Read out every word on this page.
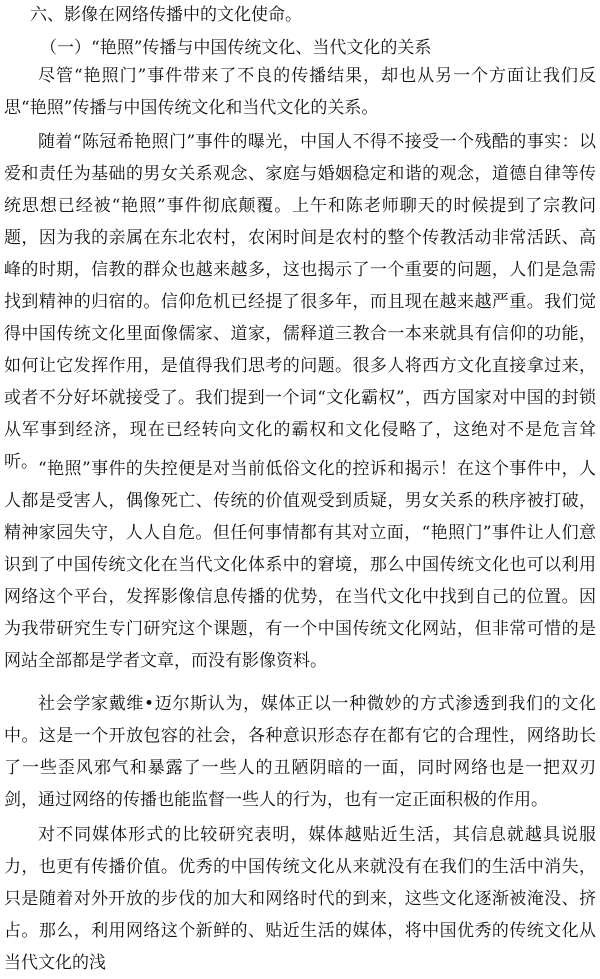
六、影像在网络传播中的文化使命。
（一）“艳照”传播与中国传统文化、当代文化的关系

尽管“艳照门”事件带来了不良的传播结果，却也从另一个方面让我们反思“艳照”传播与中国传统文化和当代文化的关系。

随着“陈冠希艳照门”事件的曝光，中国人不得不接受一个残酷的事实：以爱和责任为基础的男女关系观念、家庭与婚姻稳定和谐的观念，道德自律等传统思想已经被“艳照”事件彻底颠覆。上午和陈老师聊天的时候提到了宗教问题，因为我的亲属在东北农村，农闲时间是农村的整个传教活动非常活跃、高峰的时期，信教的群众也越来越多，这也揭示了一个重要的问题，人们是急需找到精神的归宿的。信仰危机已经提了很多年，而且现在越来越严重。我们觉得中国传统文化里面像儒家、道家，儒释道三教合一本来就具有信仰的功能，如何让它发挥作用，是值得我们思考的问题。很多人将西方文化直接拿过来，或者不分好坏就接受了。我们提到一个词“文化霸权”，西方国家对中国的封锁从军事到经济，现在已经转向文化的霸权和文化侵略了，这绝对不是危言耸听。 “艳照”事件的失控便是对当前低俗文化的控诉和揭示！在这个事件中，人人都是受害人，偶像死亡、传统的价值观受到质疑，男女关系的秩序被打破，精神家园失守，人人自危。但任何事情都有其对立面，“艳照门”事件让人们意识到了中国传统文化在当代文化体系中的窘境，那么中国传统文化也可以利用网络这个平台，发挥影像信息传播的优势，在当代文化中找到自己的位置。因为我带研究生专门研究这个课题，有一个中国传统文化网站，但非常可惜的是网站全部都是学者文章，而没有影像资料。

社会学家戴维•迈尔斯认为，媒体正以一种微妙的方式渗透到我们的文化中。这是一个开放包容的社会，各种意识形态存在都有它的合理性，网络助长了一些歪风邪气和暴露了一些人的丑陋阴暗的一面，同时网络也是一把双刃剑，通过网络的传播也能监督一些人的行为，也有一定正面积极的作用。

对不同媒体形式的比较研究表明，媒体越贴近生活，其信息就越具说服力，也更有传播价值。优秀的中国传统文化从来就没有在我们的生活中消失，只是随着对外开放的步伐的加大和网络时代的到来，这些文化逐渐被淹没、挤占。那么，利用网络这个新鲜的、贴近生活的媒体，将中国优秀的传统文化从当代文化的浅
